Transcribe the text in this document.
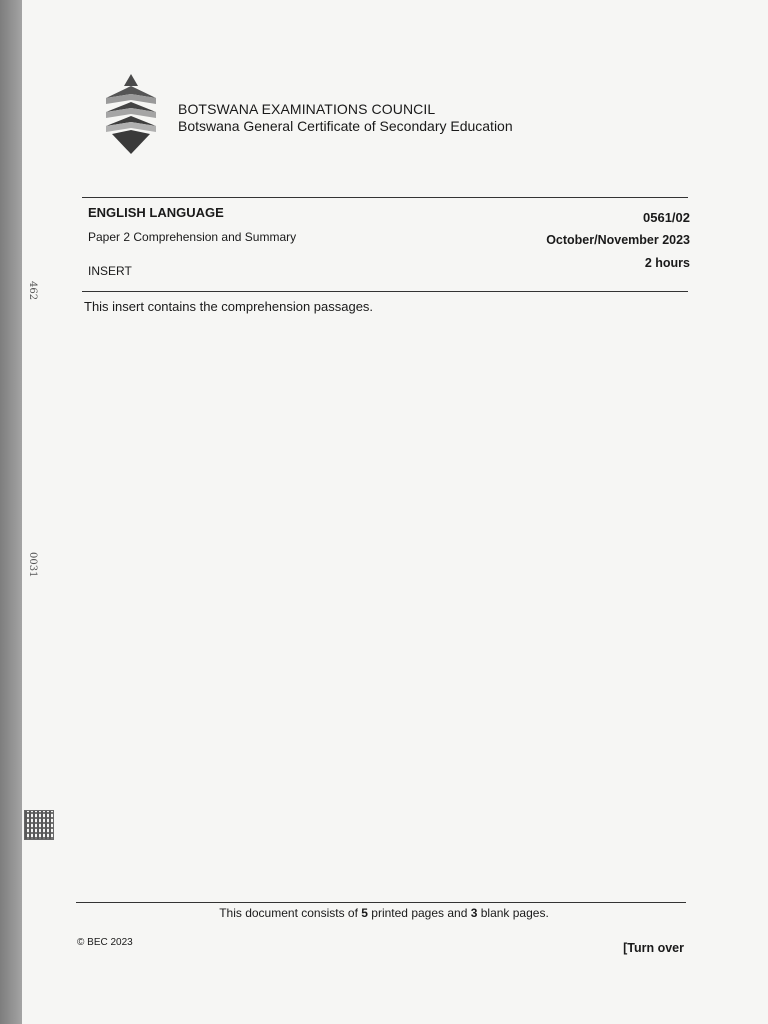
BOTSWANA EXAMINATIONS COUNCIL
Botswana General Certificate of Secondary Education
ENGLISH LANGUAGE
Paper 2 Comprehension and Summary
INSERT
0561/02
October/November 2023
2 hours
This insert contains the comprehension passages.
462
0031
This document consists of 5 printed pages and 3 blank pages.
© BEC 2023	[Turn over
